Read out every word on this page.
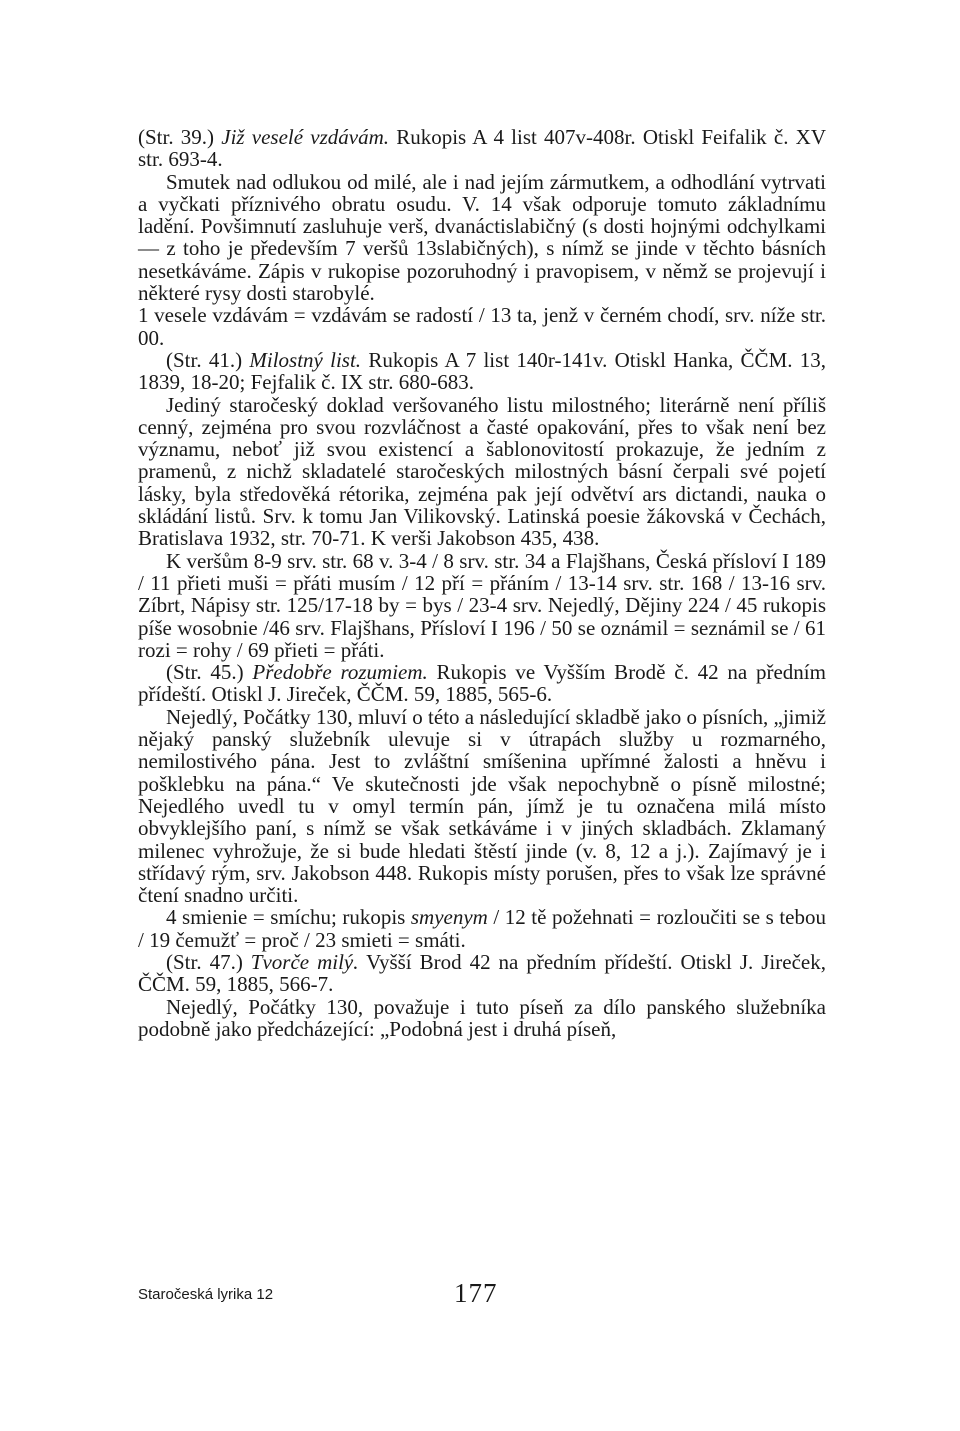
(Str. 39.) Již veselé vzdávám. Rukopis A 4 list 407v-408r. Otiskl Feifalik č. XV str. 693-4.

Smutek nad odlukou od milé, ale i nad jejím zármutkem, a odhodlání vytrvati a vyčkati příznivého obratu osudu. V. 14 však odporuje tomuto základnímu ladění. Povšimnutí zasluhuje verš, dvanáctislabičný (s dosti hojnými odchylkami — z toho je především 7 veršů 13slabičných), s nímž se jinde v těchto básních nesetkáváme. Zápis v rukopise pozoruhodný i pravopisem, v němž se projevují i některé rysy dosti starobylé.

1 vesele vzdávám = vzdávám se radostí / 13 ta, jenž v černém chodí, srv. níže str. 00.

(Str. 41.) Milostný list. Rukopis A 7 list 140r-141v. Otiskl Hanka, ČČM. 13, 1839, 18-20; Fejfalik č. IX str. 680-683.

Jediný staročeský doklad veršovaného listu milostného; literárně není příliš cenný, zejména pro svou rozvláčnost a časté opakování, přes to však není bez významu, neboť již svou existencí a šablonovitostí prokazuje, že jedním z pramenů, z nichž skladatelé staročeských milostných básní čerpali své pojetí lásky, byla středověká rétorika, zejména pak její odvětví ars dictandi, nauka o skládání listů. Srv. k tomu Jan Vilikovský. Latinská poesie žákovská v Čechách, Bratislava 1932, str. 70-71. K verši Jakobson 435, 438.

K veršům 8-9 srv. str. 68 v. 3-4 / 8 srv. str. 34 a Flajšhans, Česká přísloví I 189 / 11 přieti muši = přáti musím / 12 pří = přáním / 13-14 srv. str. 168 / 13-16 srv. Zíbrt, Nápisy str. 125/17-18 by = bys / 23-4 srv. Nejedlý, Dějiny 224 / 45 rukopis píše wosobnie /46 srv. Flajšhans, Přísloví I 196 / 50 se oznámil = seznámil se / 61 rozi = rohy / 69 přieti = přáti.

(Str. 45.) Předobře rozumiem. Rukopis ve Vyšším Brodě č. 42 na předním přídeští. Otiskl J. Jireček, ČČM. 59, 1885, 565-6.

Nejedlý, Počátky 130, mluví o této a následující skladbě jako o písních, „jimiž nějaký panský služebník ulevuje si v útrapách služby u rozmarného, nemilostivého pána. Jest to zvláštní smíšenina upřímné žalosti a hněvu i pošklebku na pána.“ Ve skutečnosti jde však nepochybně o písně milostné; Nejedlého uvedl tu v omyl termín pán, jímž je tu označena milá místo obvyklejšího paní, s nímž se však setkáváme i v jiných skladbách. Zklamaný milenec vyhrožuje, že si bude hledati štěstí jinde (v. 8, 12 a j.). Zajímavý je i střídavý rým, srv. Jakobson 448. Rukopis místy porušen, přes to však lze správné čtení snadno určiti.

4 smienie = smíchu; rukopis smyenym / 12 tě požehnati = rozloučiti se s tebou / 19 čemužť = proč / 23 smieti = smáti.

(Str. 47.) Tvorče milý. Vyšší Brod 42 na předním přídeští. Otiskl J. Jireček, ČČM. 59, 1885, 566-7.

Nejedlý, Počátky 130, považuje i tuto píseň za dílo panského služebníka podobně jako předcházející: „Podobná jest i druhá píseň,

Staročeská lyrika 12	177
